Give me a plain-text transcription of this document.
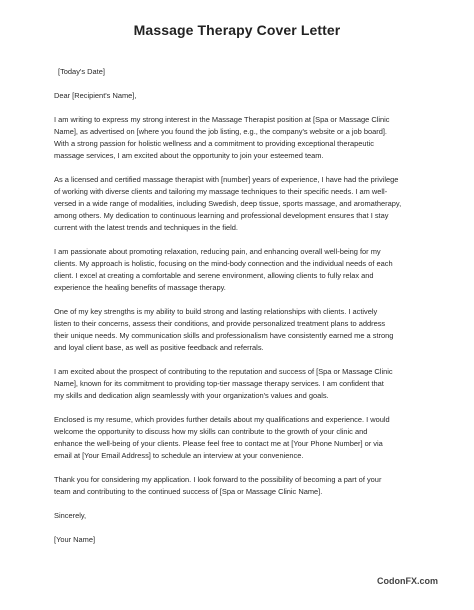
Massage Therapy Cover Letter
[Today's Date]
Dear [Recipient's Name],
I am writing to express my strong interest in the Massage Therapist position at [Spa or Massage Clinic
Name], as advertised on [where you found the job listing, e.g., the company's website or a job board].
With a strong passion for holistic wellness and a commitment to providing exceptional therapeutic
massage services, I am excited about the opportunity to join your esteemed team.
As a licensed and certified massage therapist with [number] years of experience, I have had the privilege
of working with diverse clients and tailoring my massage techniques to their specific needs. I am well-
versed in a wide range of modalities, including Swedish, deep tissue, sports massage, and aromatherapy,
among others. My dedication to continuous learning and professional development ensures that I stay
current with the latest trends and techniques in the field.
I am passionate about promoting relaxation, reducing pain, and enhancing overall well-being for my
clients. My approach is holistic, focusing on the mind-body connection and the individual needs of each
client. I excel at creating a comfortable and serene environment, allowing clients to fully relax and
experience the healing benefits of massage therapy.
One of my key strengths is my ability to build strong and lasting relationships with clients. I actively
listen to their concerns, assess their conditions, and provide personalized treatment plans to address
their unique needs. My communication skills and professionalism have consistently earned me a strong
and loyal client base, as well as positive feedback and referrals.
I am excited about the prospect of contributing to the reputation and success of [Spa or Massage Clinic
Name], known for its commitment to providing top-tier massage therapy services. I am confident that
my skills and dedication align seamlessly with your organization's values and goals.
Enclosed is my resume, which provides further details about my qualifications and experience. I would
welcome the opportunity to discuss how my skills can contribute to the growth of your clinic and
enhance the well-being of your clients. Please feel free to contact me at [Your Phone Number] or via
email at [Your Email Address] to schedule an interview at your convenience.
Thank you for considering my application. I look forward to the possibility of becoming a part of your
team and contributing to the continued success of [Spa or Massage Clinic Name].
Sincerely,
[Your Name]
CodonFX.com
